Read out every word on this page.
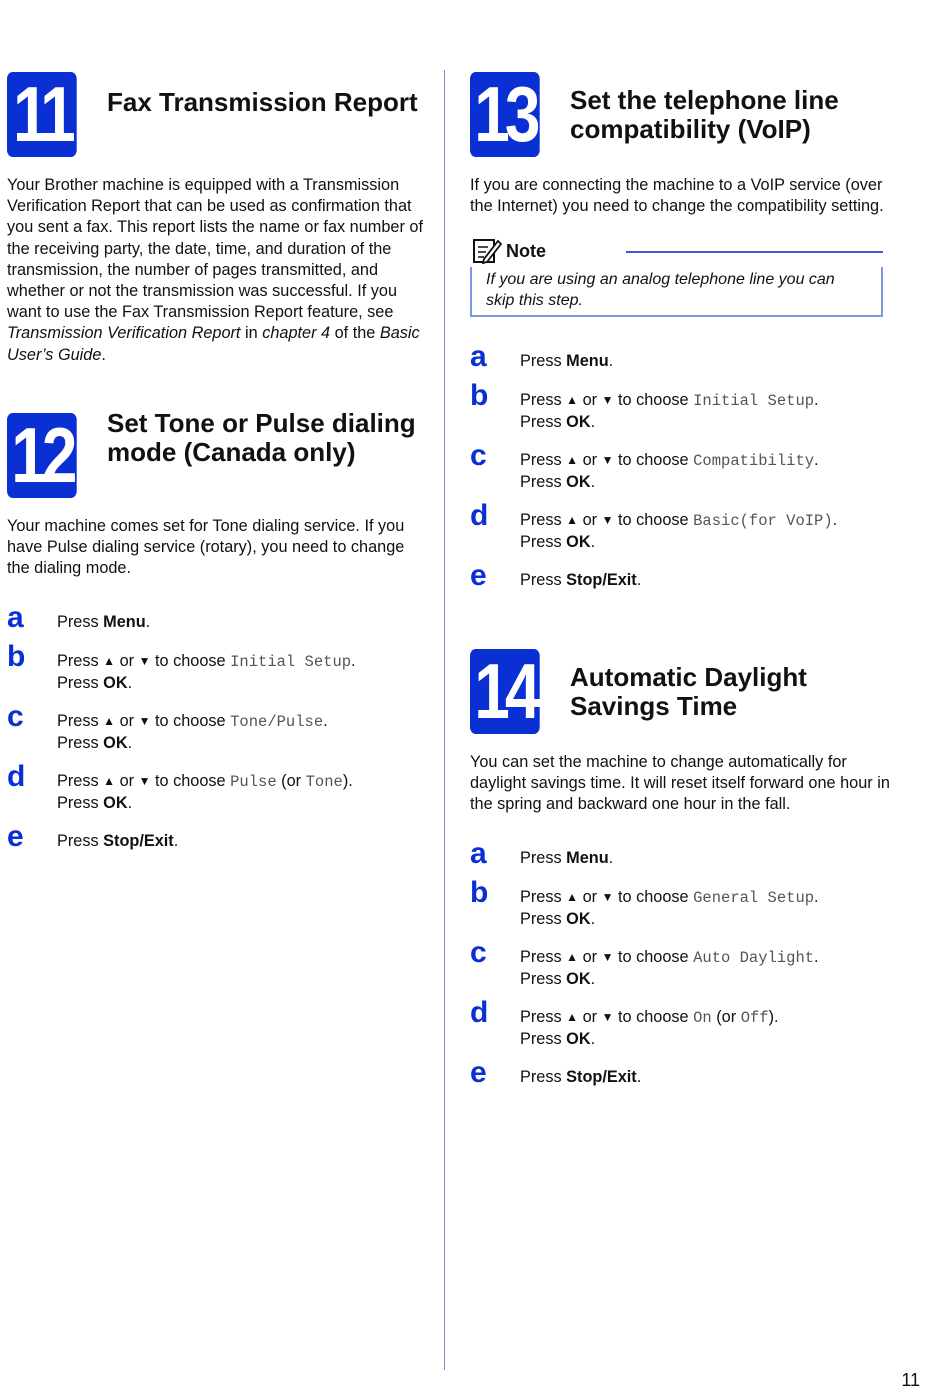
11 Fax Transmission Report

Your Brother machine is equipped with a Transmission Verification Report that can be used as confirmation that you sent a fax. This report lists the name or fax number of the receiving party, the date, time, and duration of the transmission, the number of pages transmitted, and whether or not the transmission was successful. If you want to use the Fax Transmission Report feature, see Transmission Verification Report in chapter 4 of the Basic User’s Guide.

12 Set Tone or Pulse dialing mode (Canada only)

Your machine comes set for Tone dialing service. If you have Pulse dialing service (rotary), you need to change the dialing mode.

a Press Menu.
b Press ▲ or ▼ to choose Initial Setup.
Press OK.
c Press ▲ or ▼ to choose Tone/Pulse.
Press OK.
d Press ▲ or ▼ to choose Pulse (or Tone).
Press OK.
e Press Stop/Exit.
13 Set the telephone line compatibility (VoIP)

If you are connecting the machine to a VoIP service (over the Internet) you need to change the compatibility setting.

Note
If you are using an analog telephone line you can skip this step.
a Press Menu.
b Press ▲ or ▼ to choose Initial Setup.
Press OK.
c Press ▲ or ▼ to choose Compatibility.
Press OK.
d Press ▲ or ▼ to choose Basic(for VoIP).
Press OK.
e Press Stop/Exit.
14 Automatic Daylight Savings Time

You can set the machine to change automatically for daylight savings time. It will reset itself forward one hour in the spring and backward one hour in the fall.

a Press Menu.
b Press ▲ or ▼ to choose General Setup.
Press OK.
c Press ▲ or ▼ to choose Auto Daylight.
Press OK.
d Press ▲ or ▼ to choose On (or Off).
Press OK.
e Press Stop/Exit.
11
